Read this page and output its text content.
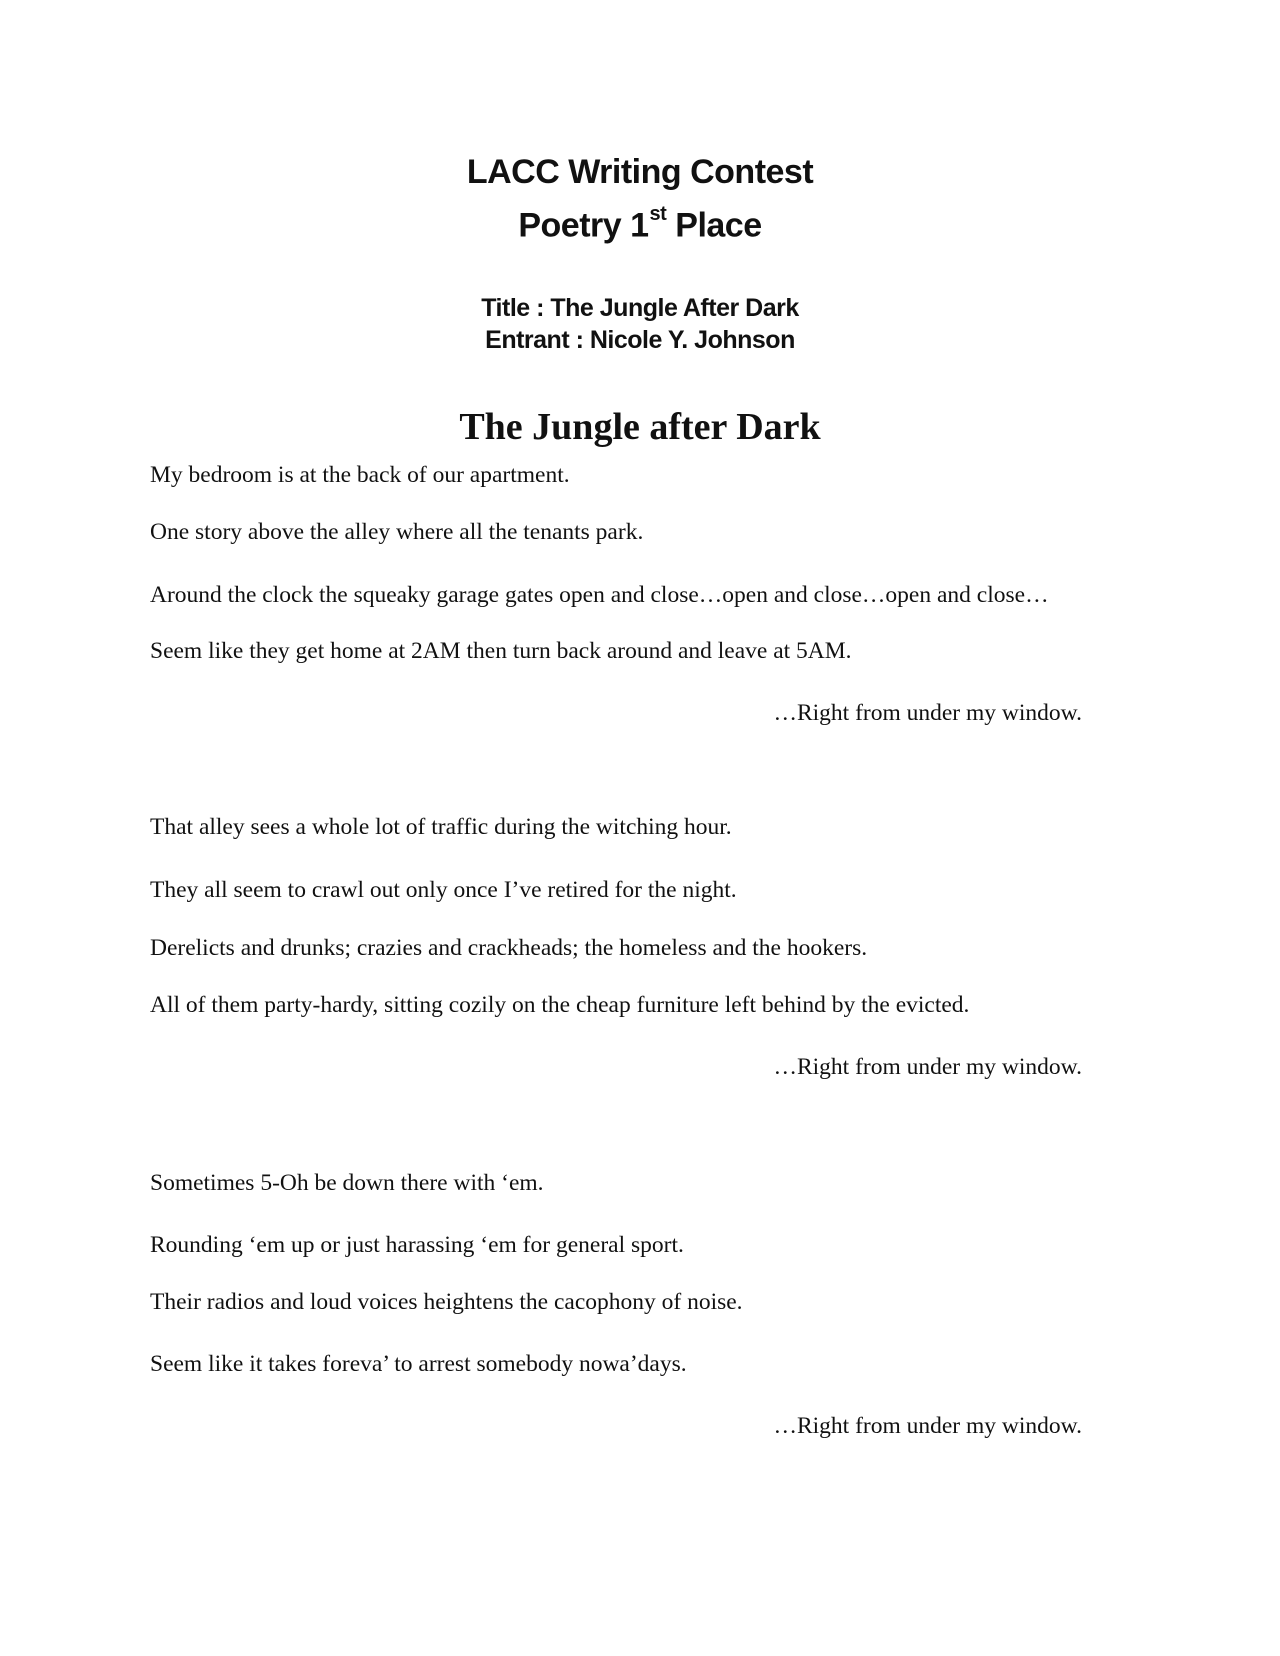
LACC Writing Contest
Poetry 1st Place
Title : The Jungle After Dark
Entrant : Nicole Y. Johnson
The Jungle after Dark
My bedroom is at the back of our apartment.
One story above the alley where all the tenants park.
Around the clock the squeaky garage gates open and close…open and close…open and close…
Seem like they get home at 2AM then turn back around and leave at 5AM.
…Right from under my window.
That alley sees a whole lot of traffic during the witching hour.
They all seem to crawl out only once I’ve retired for the night.
Derelicts and drunks; crazies and crackheads; the homeless and the hookers.
All of them party-hardy, sitting cozily on the cheap furniture left behind by the evicted.
…Right from under my window.
Sometimes 5-Oh be down there with ‘em.
Rounding ‘em up or just harassing ‘em for general sport.
Their radios and loud voices heightens the cacophony of noise.
Seem like it takes foreva’ to arrest somebody nowa’days.
…Right from under my window.
